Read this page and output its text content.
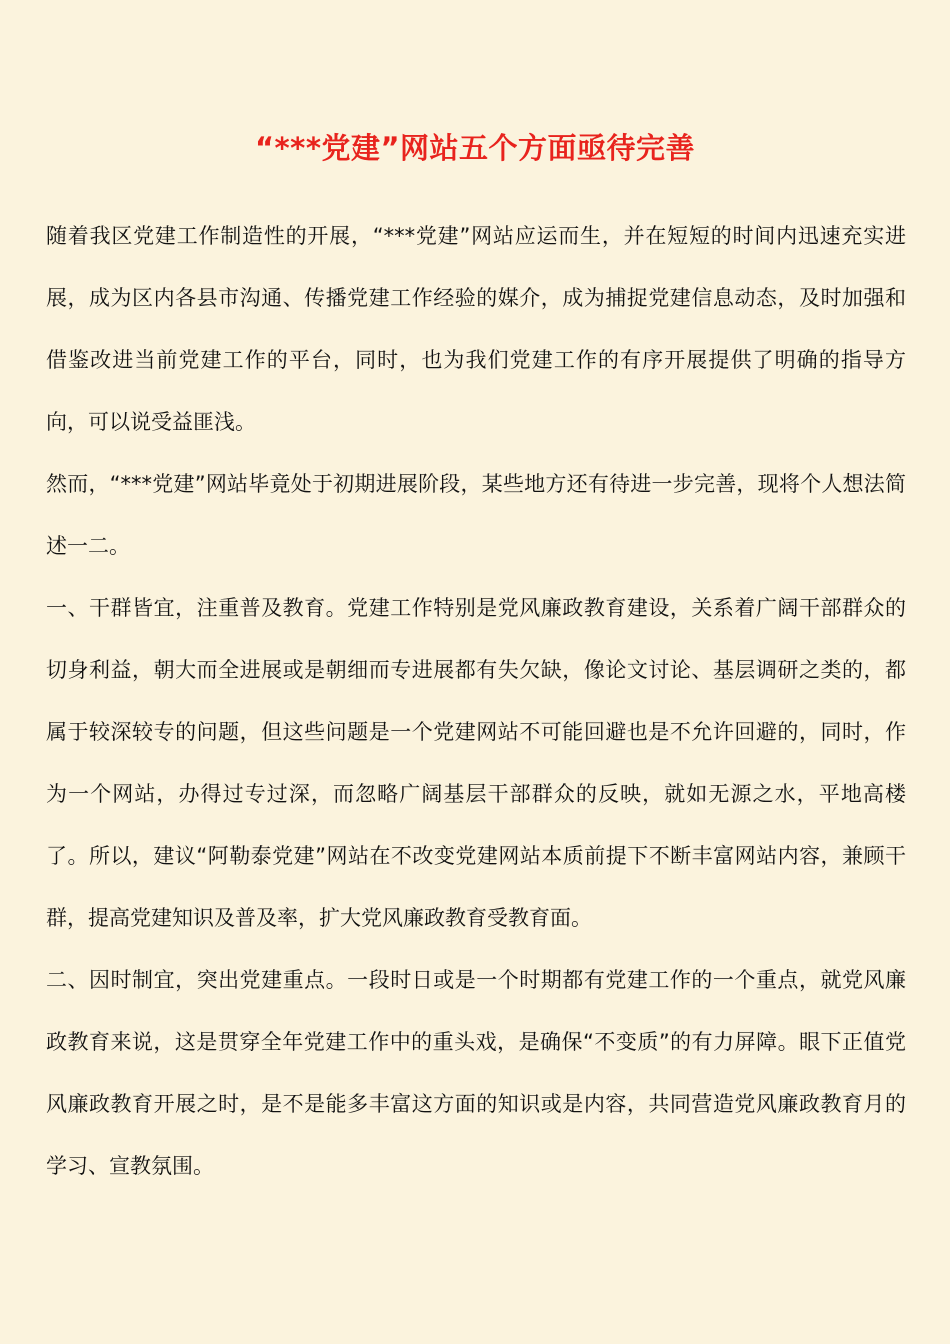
“***党建”网站五个方面亟待完善

随着我区党建工作制造性的开展，“***党建”网站应运而生，并在短短的时间内迅速充实进展，成为区内各县市沟通、传播党建工作经验的媒介，成为捕捉党建信息动态，及时加强和借鉴改进当前党建工作的平台，同时，也为我们党建工作的有序开展提供了明确的指导方向，可以说受益匪浅。

然而，“***党建”网站毕竟处于初期进展阶段，某些地方还有待进一步完善，现将个人想法简述一二。

一、干群皆宜，注重普及教育。党建工作特别是党风廉政教育建设，关系着广阔干部群众的切身利益，朝大而全进展或是朝细而专进展都有失欠缺，像论文讨论、基层调研之类的，都属于较深较专的问题，但这些问题是一个党建网站不可能回避也是不允许回避的，同时，作为一个网站，办得过专过深，而忽略广阔基层干部群众的反映，就如无源之水，平地高楼了。所以，建议“阿勒泰党建”网站在不改变党建网站本质前提下不断丰富网站内容，兼顾干群，提高党建知识及普及率，扩大党风廉政教育受教育面。

二、因时制宜，突出党建重点。一段时日或是一个时期都有党建工作的一个重点，就党风廉政教育来说，这是贯穿全年党建工作中的重头戏，是确保“不变质”的有力屏障。眼下正值党风廉政教育开展之时，是不是能多丰富这方面的知识或是内容，共同营造党风廉政教育月的学习、宣教氛围。
